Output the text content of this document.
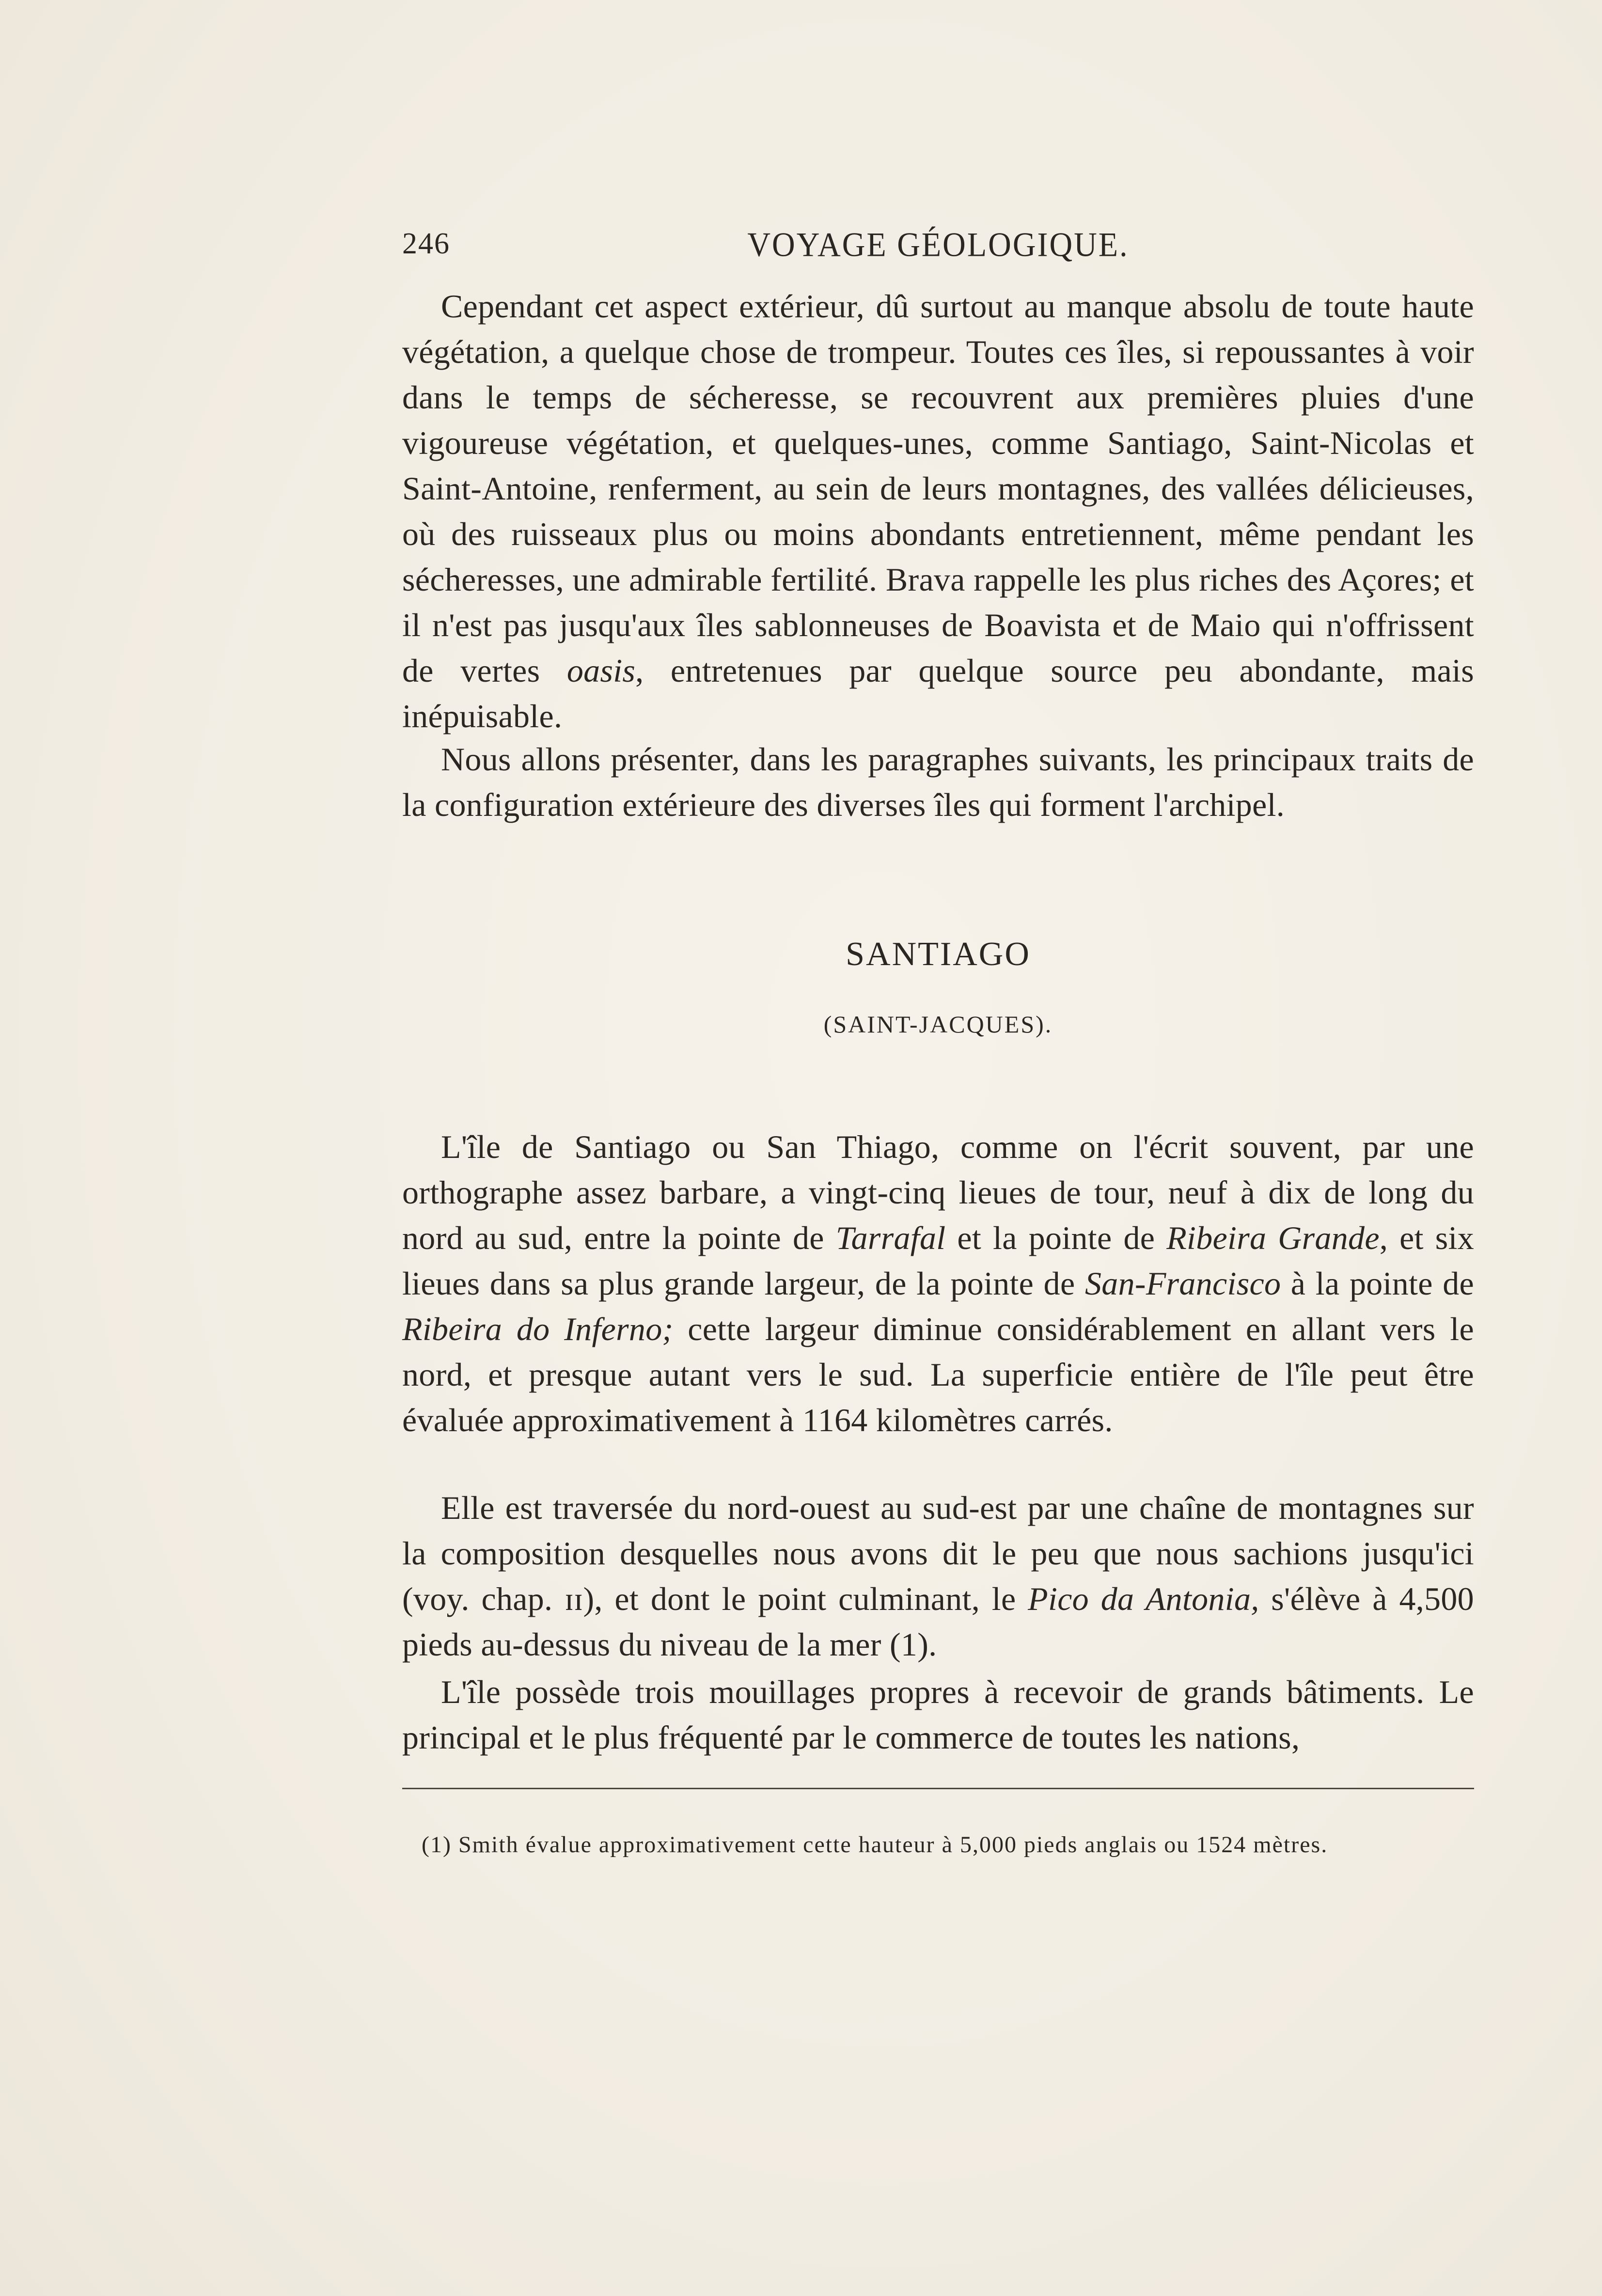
246	VOYAGE GÉOLOGIQUE.

Cependant cet aspect extérieur, dû surtout au manque absolu de toute haute végétation, a quelque chose de trompeur. Toutes ces îles, si repoussantes à voir dans le temps de sécheresse, se recouvrent aux premières pluies d'une vigoureuse végétation, et quelques-unes, comme Santiago, Saint-Nicolas et Saint-Antoine, renferment, au sein de leurs montagnes, des vallées délicieuses, où des ruisseaux plus ou moins abondants entretiennent, même pendant les sécheresses, une admirable fertilité. Brava rappelle les plus riches des Açores; et il n'est pas jusqu'aux îles sablonneuses de Boavista et de Maio qui n'offrissent de vertes oasis, entretenues par quelque source peu abondante, mais inépuisable.

Nous allons présenter, dans les paragraphes suivants, les principaux traits de la configuration extérieure des diverses îles qui forment l'archipel.

SANTIAGO
(SAINT-JACQUES).

L'île de Santiago ou San Thiago, comme on l'écrit souvent, par une orthographe assez barbare, a vingt-cinq lieues de tour, neuf à dix de long du nord au sud, entre la pointe de Tarrafal et la pointe de Ribeira Grande, et six lieues dans sa plus grande largeur, de la pointe de San-Francisco à la pointe de Ribeira do Inferno; cette largeur diminue considérablement en allant vers le nord, et presque autant vers le sud. La superficie entière de l'île peut être évaluée approximativement à 1164 kilomètres carrés.

Elle est traversée du nord-ouest au sud-est par une chaîne de montagnes sur la composition desquelles nous avons dit le peu que nous sachions jusqu'ici (voy. chap. ɪɪ), et dont le point culminant, le Pico da Antonia, s'élève à 4,500 pieds au-dessus du niveau de la mer (1).

L'île possède trois mouillages propres à recevoir de grands bâtiments. Le principal et le plus fréquenté par le commerce de toutes les nations,

(1) Smith évalue approximativement cette hauteur à 5,000 pieds anglais ou 1524 mètres.
